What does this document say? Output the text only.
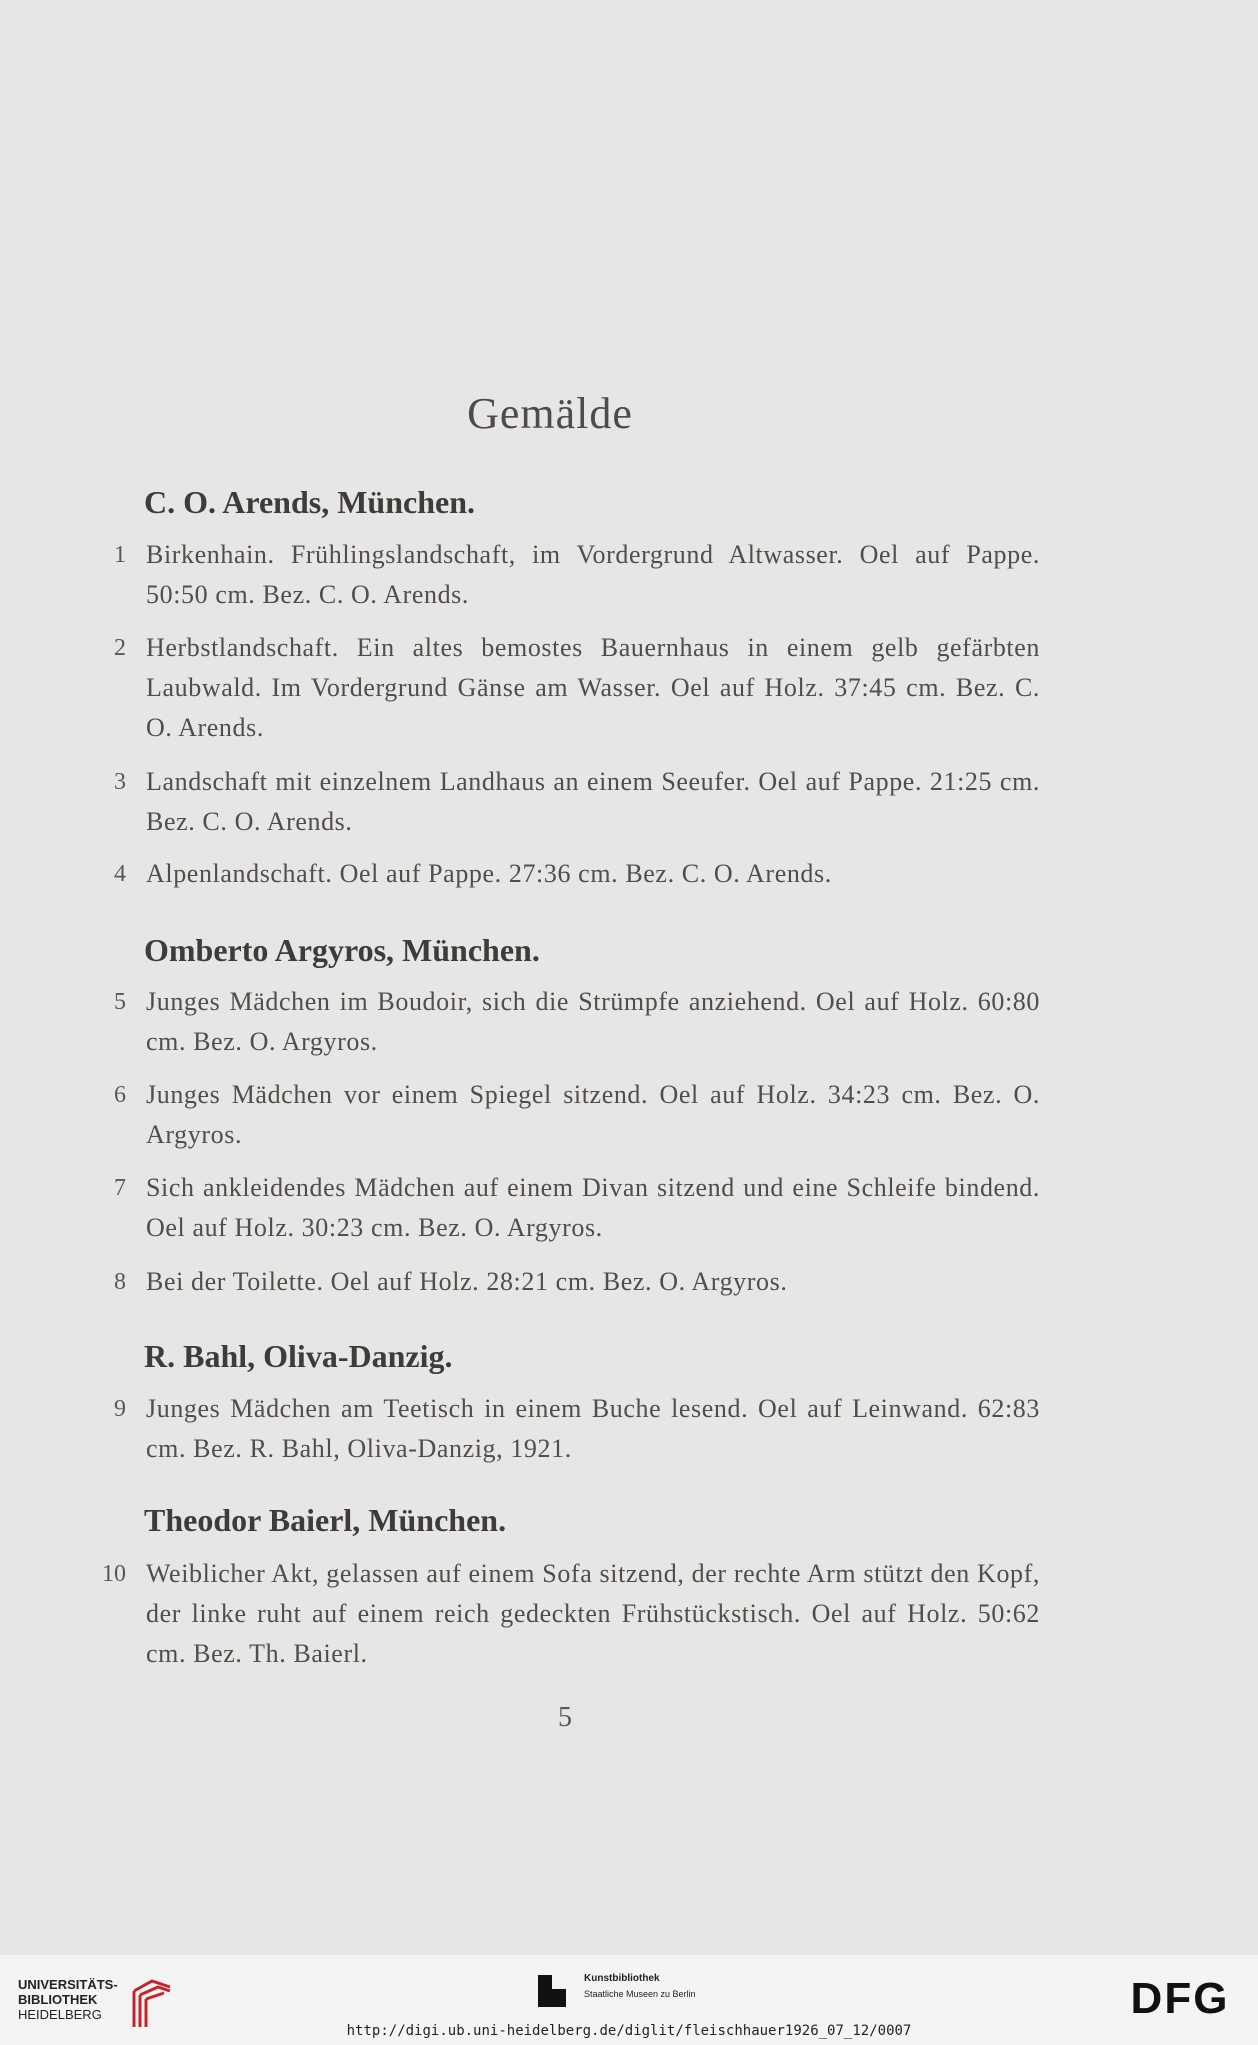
Gemälde
C. O. Arends, München.
1 Birkenhain. Frühlingslandschaft, im Vordergrund Altwasser. Oel auf Pappe. 50:50 cm. Bez. C. O. Arends.
2 Herbstlandschaft. Ein altes bemostes Bauernhaus in einem gelb gefärbten Laubwald. Im Vordergrund Gänse am Wasser. Oel auf Holz. 37:45 cm. Bez. C. O. Arends.
3 Landschaft mit einzelnem Landhaus an einem Seeufer. Oel auf Pappe. 21:25 cm. Bez. C. O. Arends.
4 Alpenlandschaft. Oel auf Pappe. 27:36 cm. Bez. C. O. Arends.
Omberto Argyros, München.
5 Junges Mädchen im Boudoir, sich die Strümpfe anziehend. Oel auf Holz. 60:80 cm. Bez. O. Argyros.
6 Junges Mädchen vor einem Spiegel sitzend. Oel auf Holz. 34:23 cm. Bez. O. Argyros.
7 Sich ankleidendes Mädchen auf einem Divan sitzend und eine Schleife bindend. Oel auf Holz. 30:23 cm. Bez. O. Argyros.
8 Bei der Toilette. Oel auf Holz. 28:21 cm. Bez. O. Argyros.
R. Bahl, Oliva-Danzig.
9 Junges Mädchen am Teetisch in einem Buche lesend. Oel auf Leinwand. 62:83 cm. Bez. R. Bahl, Oliva-Danzig, 1921.
Theodor Baierl, München.
10 Weiblicher Akt, gelassen auf einem Sofa sitzend, der rechte Arm stützt den Kopf, der linke ruht auf einem reich gedeckten Frühstückstisch. Oel auf Holz. 50:62 cm. Bez. Th. Baierl.
5
UNIVERSITÄTS-
BIBLIOTHEK
HEIDELBERG
Kunstbibliothek
Staatliche Museen zu Berlin	DFG
http://digi.ub.uni-heidelberg.de/diglit/fleischhauer1926_07_12/0007
